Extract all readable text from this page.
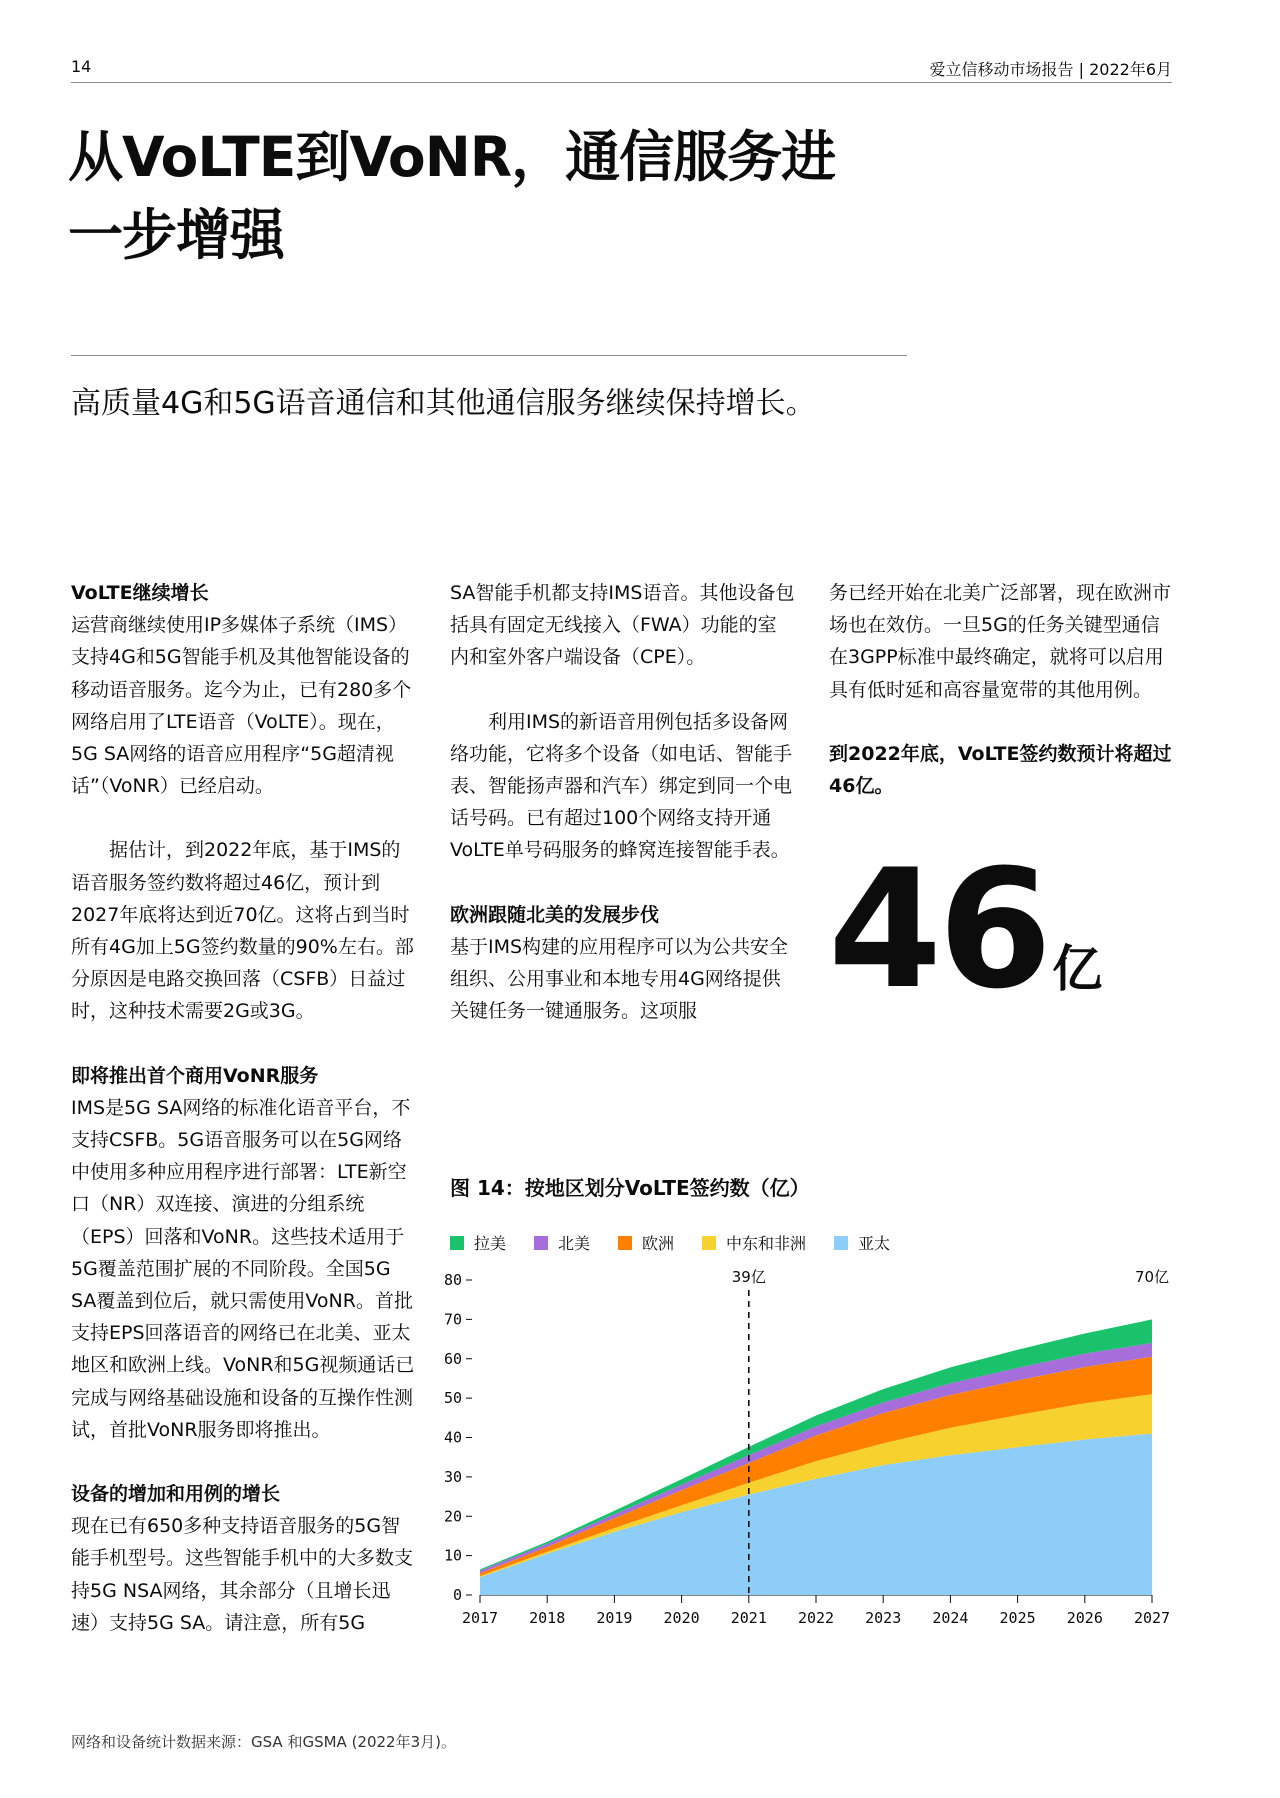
14	爱立信移动市场报告 | 2022年6月
从VoLTE到VoNR，通信服务进
一步增强
高质量4G和5G语音通信和其他通信服务继续保持增长。
VoLTE继续增长

运营商继续使用IP多媒体子系统（IMS）支持4G和5G智能手机及其他智能设备的移动语音服务。迄今为止，已有280多个网络启用了LTE语音（VoLTE）。现在，5G SA网络的语音应用程序“5G超清视话”（VoNR）已经启动。

据估计，到2022年底，基于IMS的语音服务签约数将超过46亿，预计到2027年底将达到近70亿。这将占到当时所有4G加上5G签约数量的90%左右。部分原因是电路交换回落（CSFB）日益过时，这种技术需要2G或3G。

即将推出首个商用VoNR服务

IMS是5G SA网络的标准化语音平台，不支持CSFB。5G语音服务可以在5G网络中使用多种应用程序进行部署：LTE新空口（NR）双连接、演进的分组系统（EPS）回落和VoNR。这些技术适用于5G覆盖范围扩展的不同阶段。全国5G SA覆盖到位后，就只需使用VoNR。首批支持EPS回落语音的网络已在北美、亚太地区和欧洲上线。VoNR和5G视频通话已完成与网络基础设施和设备的互操作性测试，首批VoNR服务即将推出。

设备的增加和用例的增长

现在已有650多种支持语音服务的5G智能手机型号。这些智能手机中的大多数支持5G NSA网络，其余部分（且增长迅速）支持5G SA。请注意，所有5G

SA智能手机都支持IMS语音。其他设备包括具有固定无线接入（FWA）功能的室内和室外客户端设备（CPE）。

利用IMS的新语音用例包括多设备网络功能，它将多个设备（如电话、智能手表、智能扬声器和汽车）绑定到同一个电话号码。已有超过100个网络支持开通VoLTE单号码服务的蜂窝连接智能手表。

欧洲跟随北美的发展步伐

基于IMS构建的应用程序可以为公共安全组织、公用事业和本地专用4G网络提供关键任务一键通服务。这项服

务已经开始在北美广泛部署，现在欧洲市场也在效仿。一旦5G的任务关键型通信在3GPP标准中最终确定，就将可以启用具有低时延和高容量宽带的其他用例。

到2022年底，VoLTE签约数预计将超过46亿。
46亿
图 14：按地区划分VoLTE签约数（亿）
拉美	北美	欧洲	中东和非洲	亚太
0
10
20
30
40
50
60
70
80
2017 2018 2019 2020 2021 2022 2023 2024 2025 2026 2027
39亿	70亿
网络和设备统计数据来源：GSA 和GSMA (2022年3月)。
